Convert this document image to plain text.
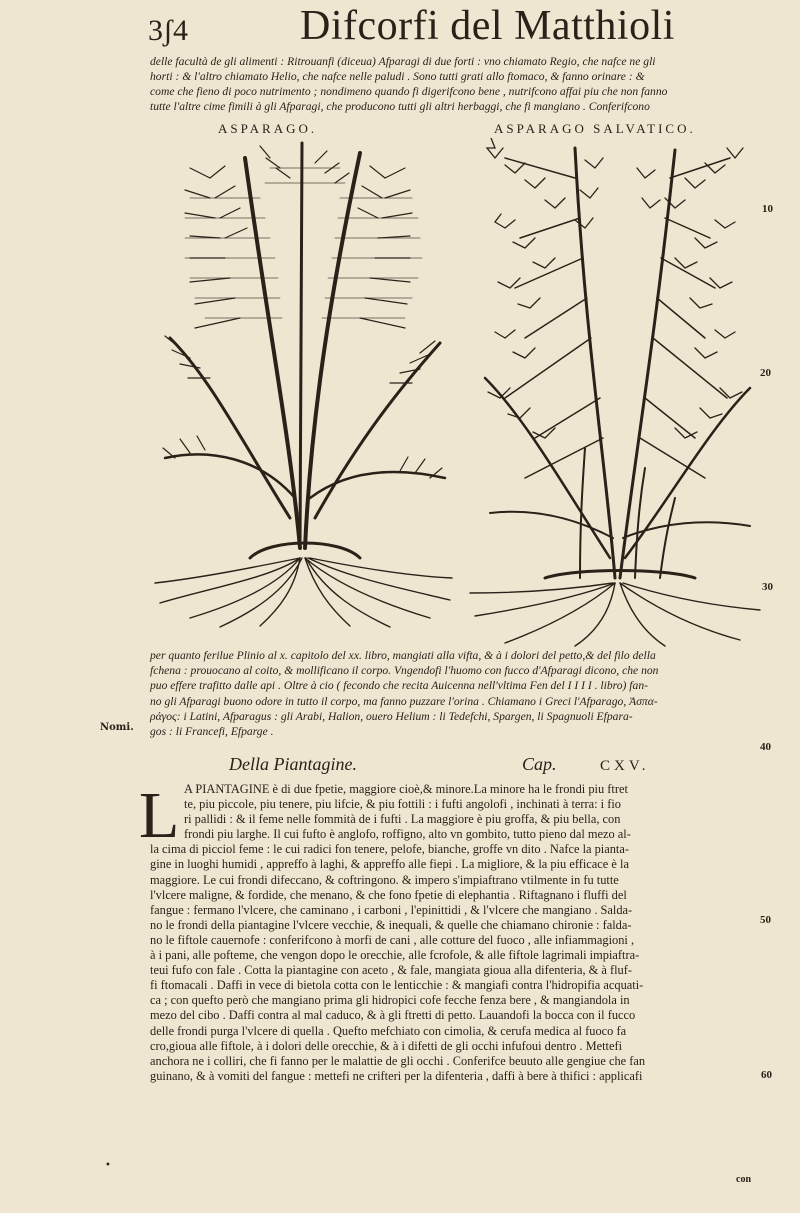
3ʃ4	Difcorfi del Matthioli
delle facultà de gli alimenti : Ritrouanfi (diceua) Afparagi di due forti : vno chiamato Regio, che nafce ne gli
horti : & l'altro chiamato Helio, che nafce nelle paludi . Sono tutti grati allo ftomaco, & fanno orinare : &
come che fieno di poco nutrimento ; nondimeno quando fi digerifcono bene , nutrifcono affai piu che non fanno
tutte l'altre cime fimili à gli Afparagi, che producono tutti gli altri herbaggi, che fi mangiano . Conferifcono
ASPARAGO.	ASPARAGO SALVATICO.
10
20
30
40
50
60
per quanto ferilue Plinio al x. capitolo del xx. libro, mangiati alla vifta, & à i dolori del petto,& del filo della
fchena : prouocano al coito, & mollificano il corpo. Vngendofi l'huomo con fucco d'Afparagi dicono, che non
puo effere trafitto dalle api . Oltre à cio ( fecondo che recita Auicenna nell'vltima Fen del I I I I . libro) fan-
no gli Afparagi buono odore in tutto il corpo, ma fanno puzzare l'orina . Chiamano i Greci l'Afparago, Ἀσπα-
ράγος: i Latini, Afparagus : gli Arabi, Halion, ouero Helium : li Tedefchi, Spargen, li Spagnuoli Efpara-
gos : li Francefi, Efparge .
Nomi.
Della Piantagine.	Cap.	CXV.
L A PIANTAGINE è di due fpetie, maggiore cioè,& minore.La minore ha le frondi piu ftret
te, piu piccole, piu tenere, piu lifcie, & piu fottili : i fufti angolofi , inchinati à terra: i fio
ri pallidi : & il feme nelle fommità de i fufti . La maggiore è piu groffa, & piu bella, con
frondi piu larghe. Il cui fufto è anglofo, roffigno, alto vn gombito, tutto pieno dal mezo al-
la cima di picciol feme : le cui radici fon tenere, pelofe, bianche, groffe vn dito . Nafce la pianta-
gine in luoghi humidi , appreffo à laghi, & appreffo alle fiepi . La migliore, & la piu efficace è la
maggiore. Le cui frondi difeccano, & coftringono. & impero s'impiaftrano vtilmente in fu tutte
l'vlcere maligne, & fordide, che menano, & che fono fpetie di elephantia . Riftagnano i fluffi del
fangue : fermano l'vlcere, che caminano , i carboni , l'epinittidi , & l'vlcere che mangiano . Salda-
no le frondi della piantagine l'vlcere vecchie, & inequali, & quelle che chiamano chironie : falda-
no le fiftole cauernofe : conferifcono à morfi de cani , alle cotture del fuoco , alle infiammagioni ,
à i pani, alle pofteme, che vengon dopo le orecchie, alle fcrofole, & alle fiftole lagrimali impiaftra-
teui fufo con fale . Cotta la piantagine con aceto , & fale, mangiata gioua alla difenteria, & à fluf-
fi ftomacali . Daffi in vece di bietola cotta con le lenticchie : & mangiafi contra l'hidropifia acquati-
ca ; con quefto però che mangiano prima gli hidropici cofe fecche fenza bere , & mangiandola in
mezo del cibo . Daffi contra al mal caduco, & à gli ftretti di petto. Lauandofi la bocca con il fucco
delle frondi purga l'vlcere di quella . Quefto mefchiato con cimolia, & cerufa medica al fuoco fa
cro,gioua alle fiftole, à i dolori delle orecchie, & à i difetti de gli occhi infufoui dentro . Mettefi
anchora ne i colliri, che fi fanno per le malattie de gli occhi . Conferifce beuuto alle gengiue che fan
guinano, & à vomiti del fangue : mettefi ne crifteri per la difenteria , daffi à bere à thifici : applicafi
•
con
